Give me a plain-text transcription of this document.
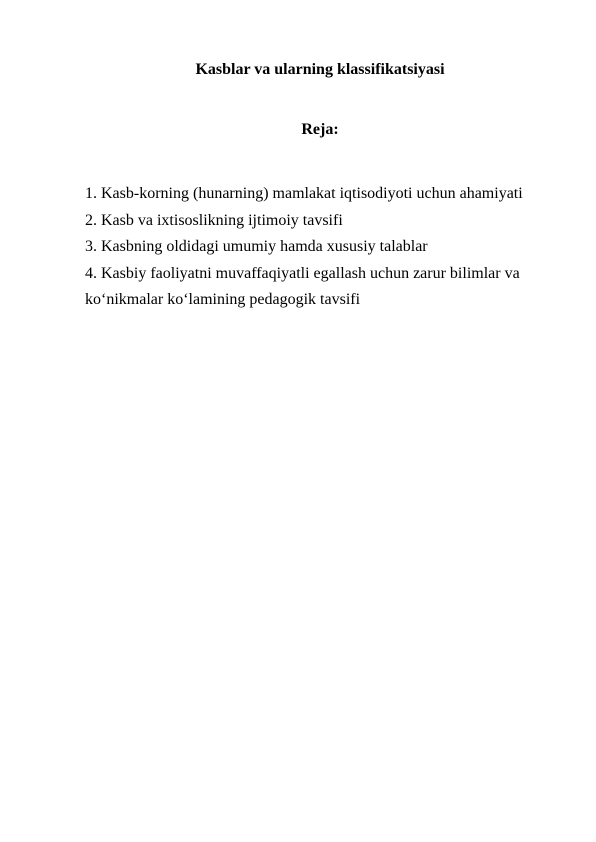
Kasblar va ularning klassifikatsiyasi
Reja:
1. Kasb-korning (hunarning) mamlakat iqtisodiyoti uchun ahamiyati
2. Kasb va ixtisoslikning ijtimoiy tavsifi
3. Kasbning oldidagi umumiy hamda xususiy talablar
4. Kasbiy faoliyatni muvaffaqiyatli egallash uchun zarur bilimlar va ko‘nikmalar ko‘lamining pedagogik tavsifi
